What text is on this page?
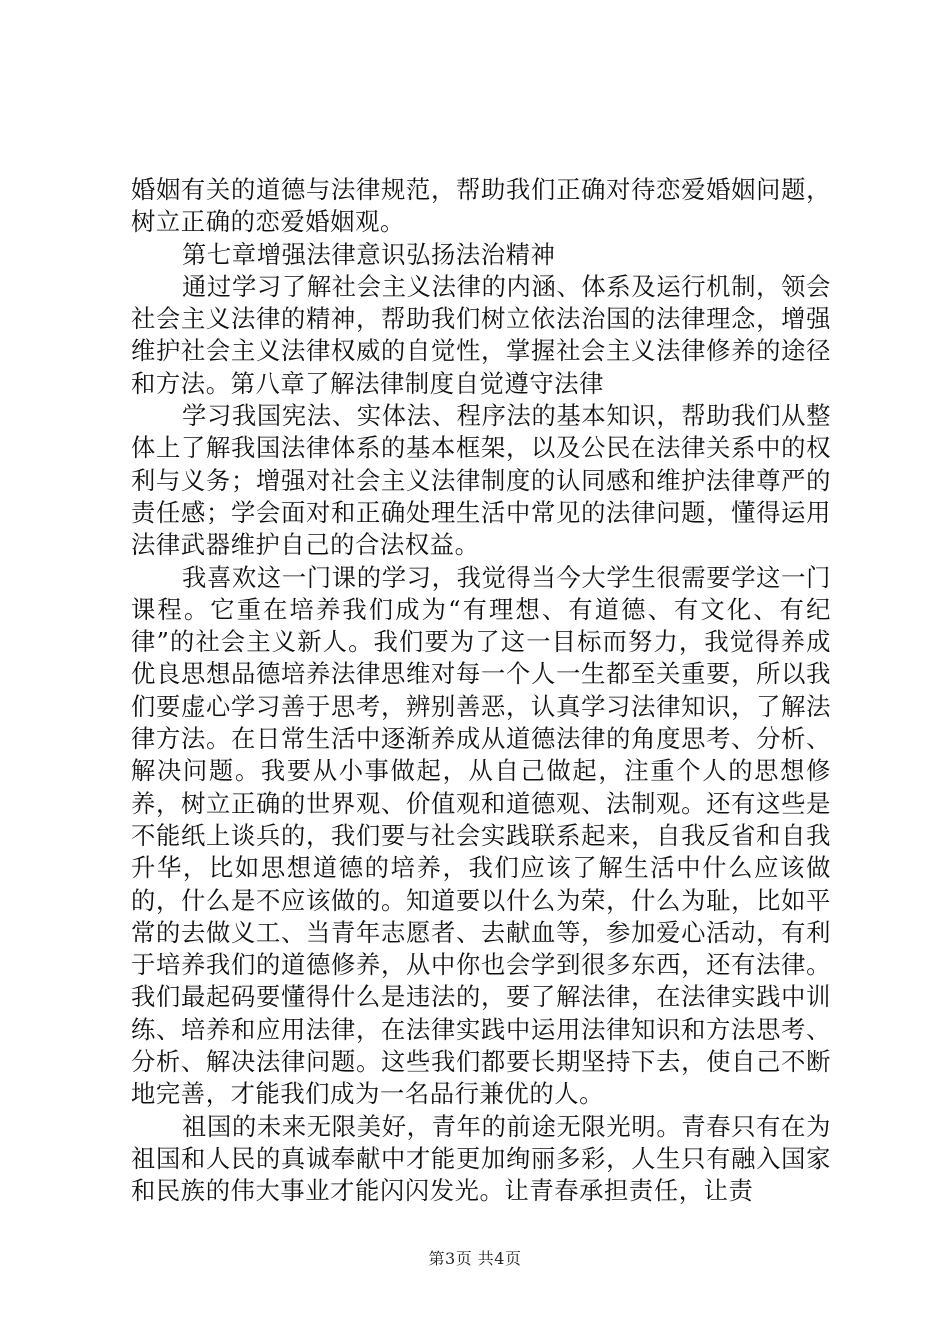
婚姻有关的道德与法律规范，帮助我们正确对待恋爱婚姻问题，树立正确的恋爱婚姻观。

第七章增强法律意识弘扬法治精神

通过学习了解社会主义法律的内涵、体系及运行机制，领会社会主义法律的精神，帮助我们树立依法治国的法律理念，增强维护社会主义法律权威的自觉性，掌握社会主义法律修养的途径和方法。第八章了解法律制度自觉遵守法律

学习我国宪法、实体法、程序法的基本知识，帮助我们从整体上了解我国法律体系的基本框架，以及公民在法律关系中的权利与义务；增强对社会主义法律制度的认同感和维护法律尊严的责任感；学会面对和正确处理生活中常见的法律问题，懂得运用法律武器维护自己的合法权益。

我喜欢这一门课的学习，我觉得当今大学生很需要学这一门课程。它重在培养我们成为“有理想、有道德、有文化、有纪律”的社会主义新人。我们要为了这一目标而努力，我觉得养成优良思想品德培养法律思维对每一个人一生都至关重要，所以我们要虚心学习善于思考，辨别善恶，认真学习法律知识，了解法律方法。在日常生活中逐渐养成从道德法律的角度思考、分析、解决问题。我要从小事做起，从自己做起，注重个人的思想修养，树立正确的世界观、价值观和道德观、法制观。还有这些是不能纸上谈兵的，我们要与社会实践联系起来，自我反省和自我升华，比如思想道德的培养，我们应该了解生活中什么应该做的，什么是不应该做的。知道要以什么为荣，什么为耻，比如平常的去做义工、当青年志愿者、去献血等，参加爱心活动，有利于培养我们的道德修养，从中你也会学到很多东西，还有法律。我们最起码要懂得什么是违法的，要了解法律，在法律实践中训练、培养和应用法律，在法律实践中运用法律知识和方法思考、分析、解决法律问题。这些我们都要长期坚持下去，使自己不断地完善，才能我们成为一名品行兼优的人。

祖国的未来无限美好，青年的前途无限光明。青春只有在为祖国和人民的真诚奉献中才能更加绚丽多彩，人生只有融入国家和民族的伟大事业才能闪闪发光。让青春承担责任，让责

第3页 共4页
